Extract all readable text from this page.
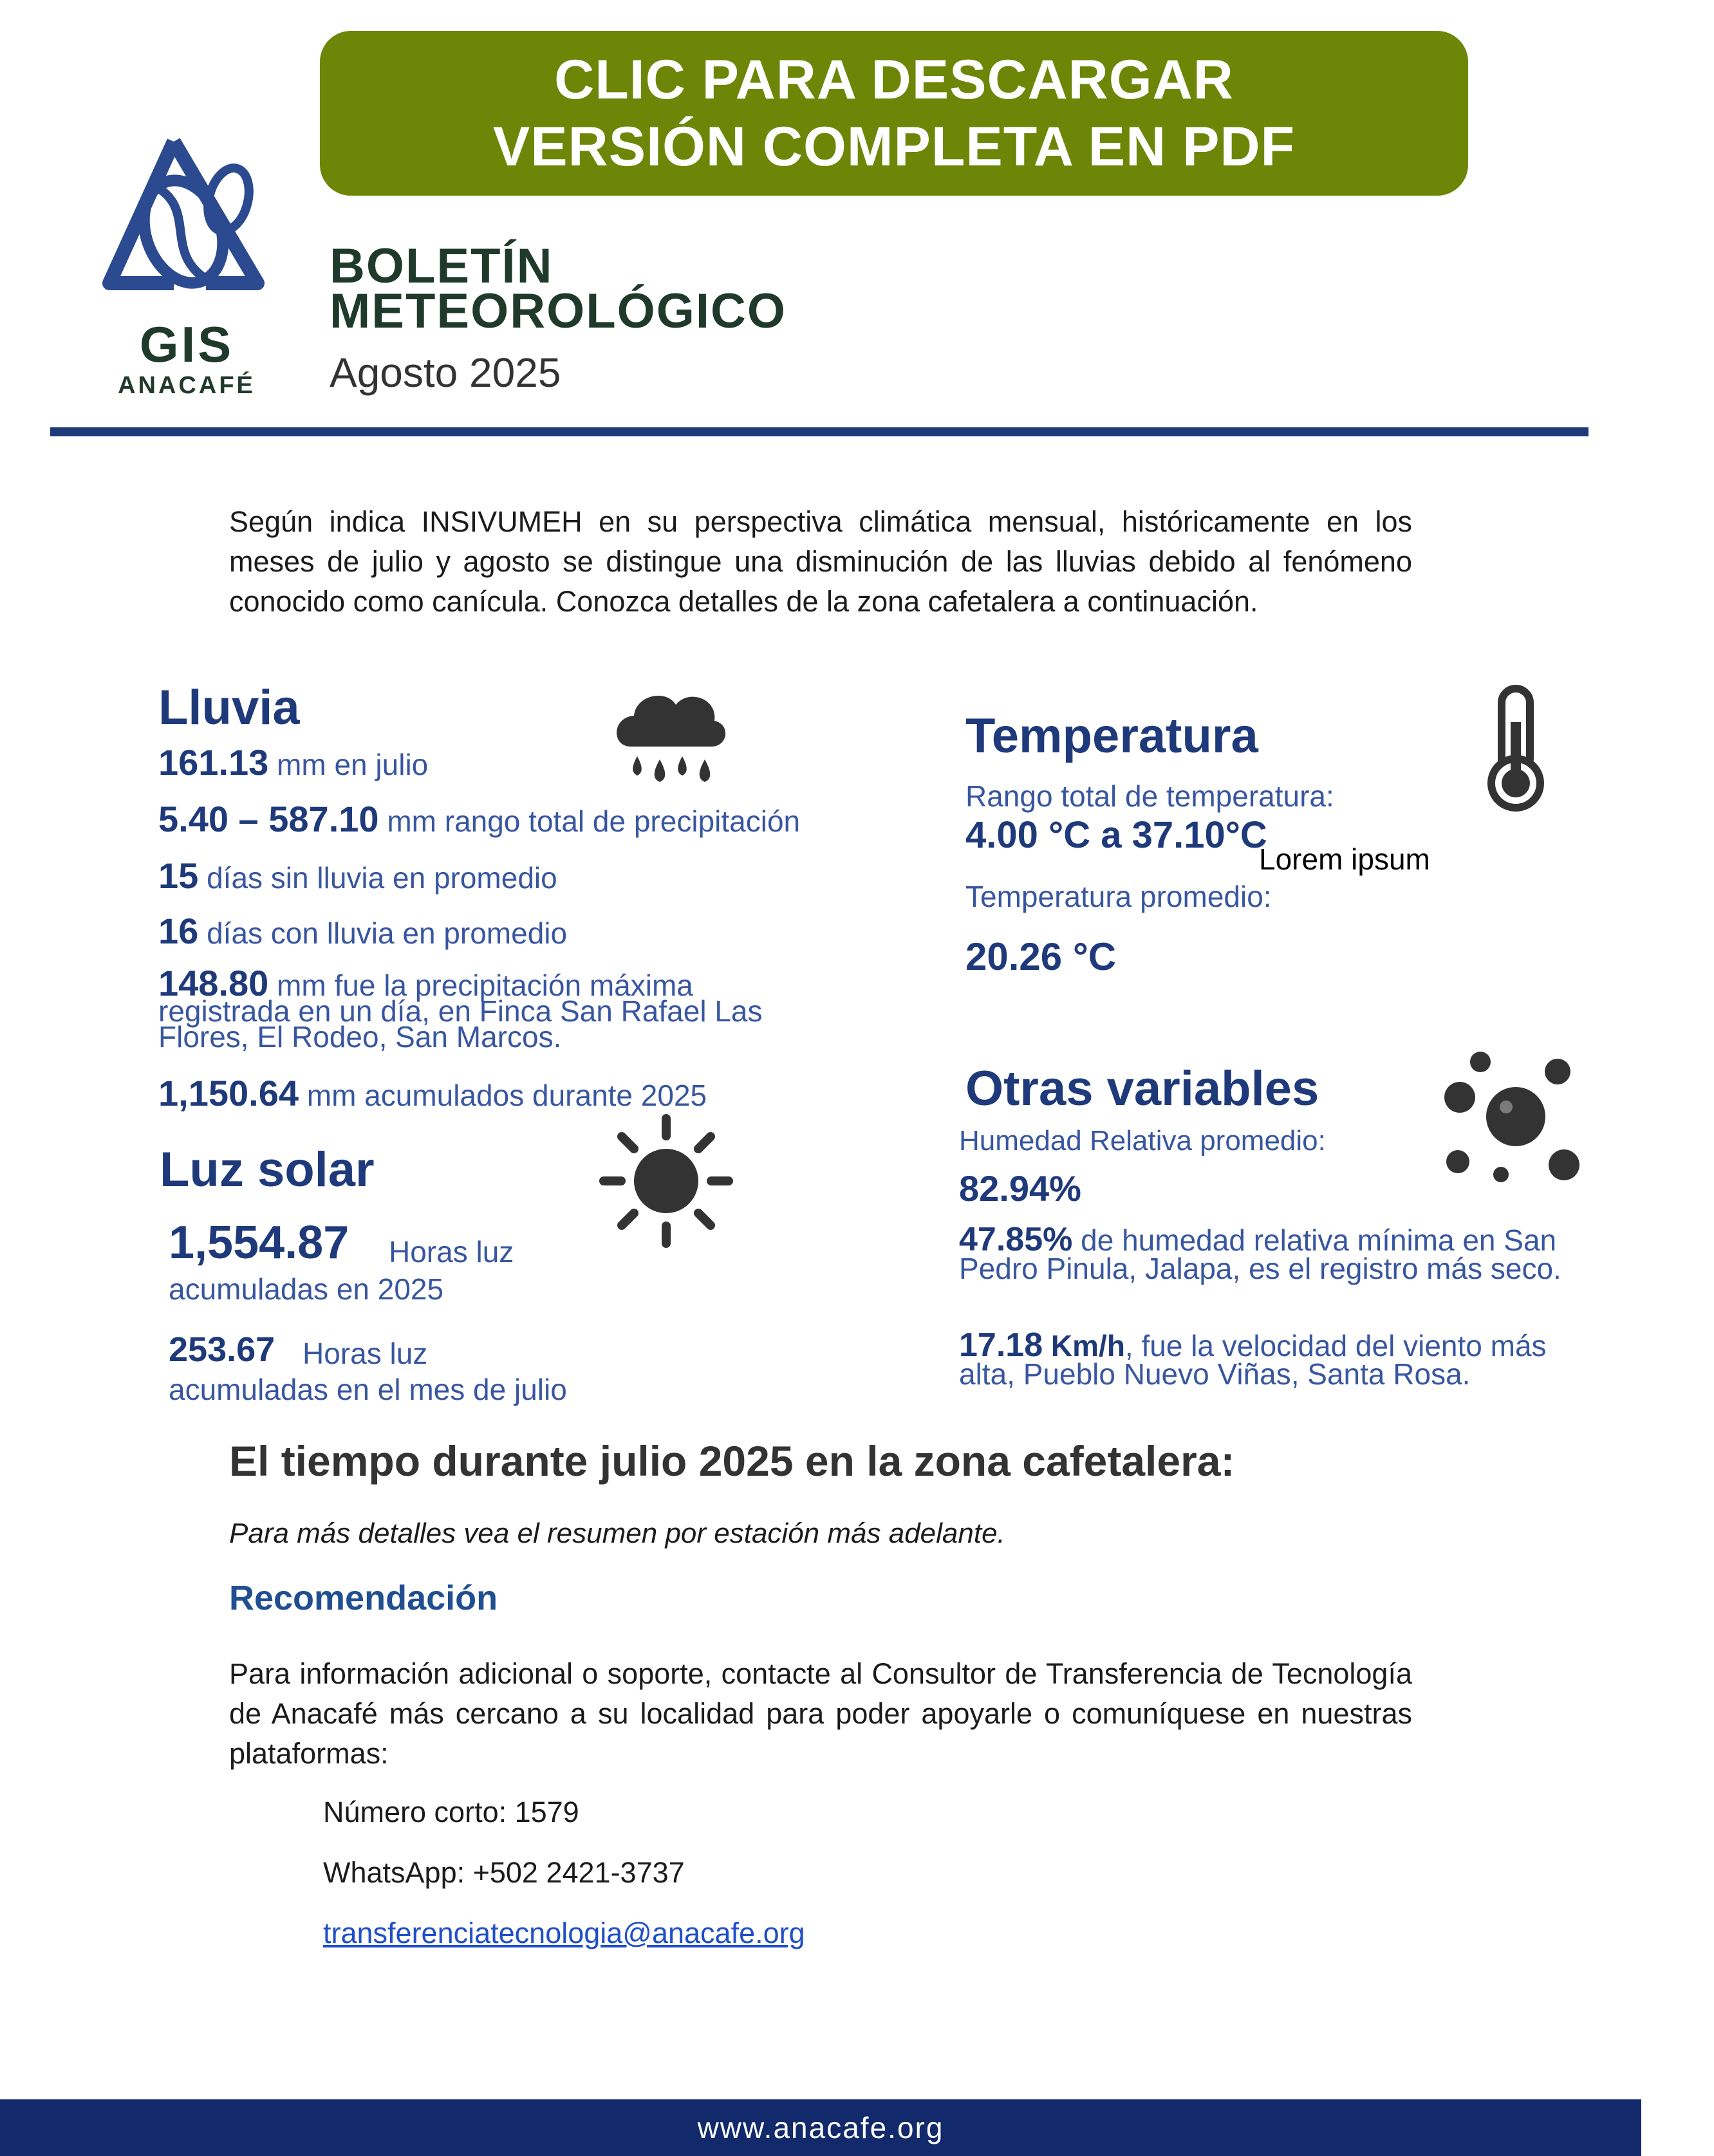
CLIC PARA DESCARGAR
VERSIÓN COMPLETA EN PDF
GIS
ANACAFÉ
BOLETÍN
METEOROLÓGICO
Agosto 2025
Según indica INSIVUMEH en su perspectiva climática mensual, históricamente en los meses de julio y agosto se distingue una disminución de las lluvias debido al fenómeno conocido como canícula. Conozca detalles de la zona cafetalera a continuación.
Lluvia
161.13 mm en julio
5.40 – 587.10 mm rango total de precipitación
15 días sin lluvia en promedio
16 días con lluvia en promedio
148.80 mm fue la precipitación máxima registrada en un día, en Finca San Rafael Las Flores, El Rodeo, San Marcos.
1,150.64 mm acumulados durante 2025
Luz solar
1,554.87 Horas luz
acumuladas en 2025
253.67 Horas luz
acumuladas en el mes de julio
Temperatura
Rango total de temperatura:
4.00 °C a 37.10°C
Lorem ipsum
Temperatura promedio:
20.26 °C
Otras variables
Humedad Relativa promedio:
82.94%
47.85% de humedad relativa mínima en San Pedro Pinula, Jalapa, es el registro más seco.
17.18 Km/h, fue la velocidad del viento más alta, Pueblo Nuevo Viñas, Santa Rosa.
El tiempo durante julio 2025 en la zona cafetalera:
Para más detalles vea el resumen por estación más adelante.
Recomendación
Para información adicional o soporte, contacte al Consultor de Transferencia de Tecnología de Anacafé más cercano a su localidad para poder apoyarle o comuníquese en nuestras plataformas:
Número corto: 1579
WhatsApp: +502 2421-3737
transferenciatecnologia@anacafe.org
www.anacafe.org
